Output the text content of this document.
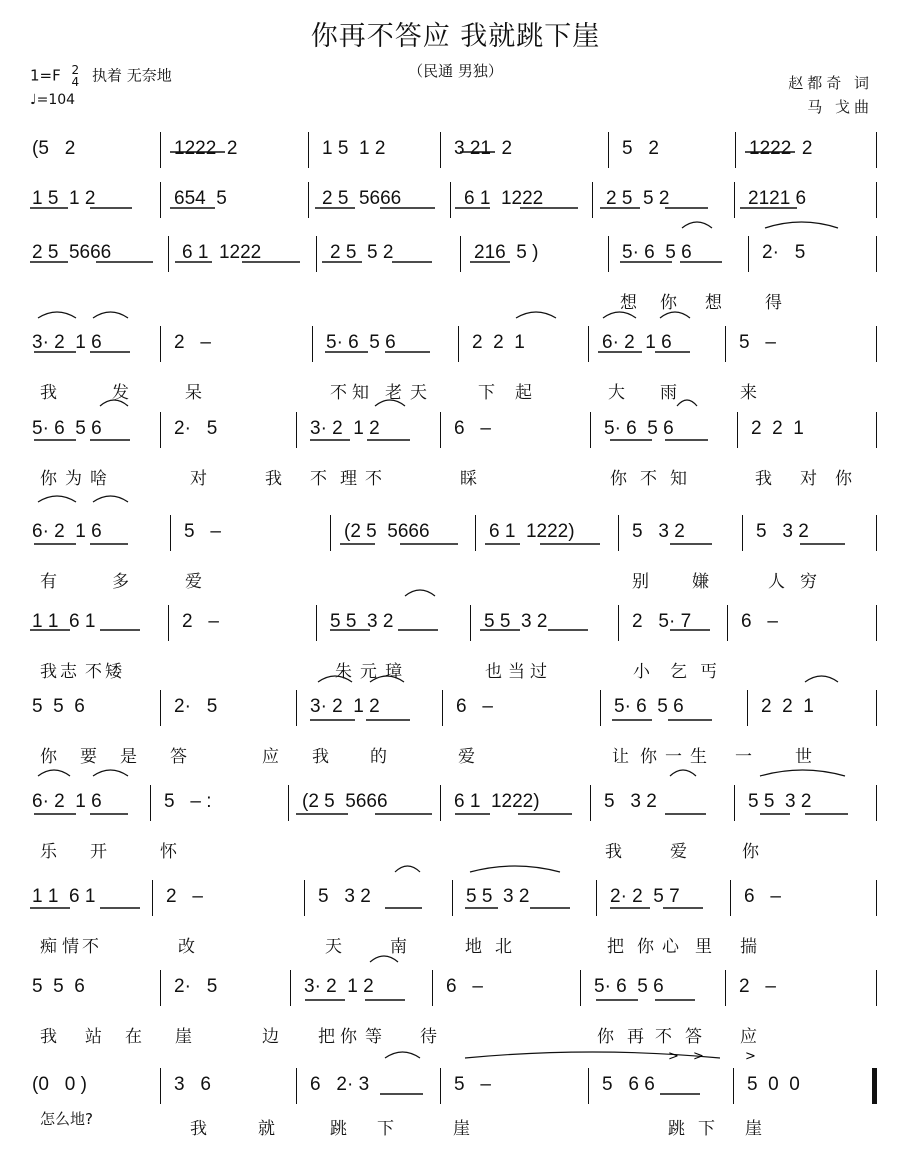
你再不答应 我就跳下崖
（民通 男独）
1=F 2
4 执着 无奈地
♩=104
赵都奇 词
马 戈曲
(5   2	1222  2	1 5  1 2	3 21  2	5   2	1222  2
1 5  1 2	654  5	2 5  5666	6 1  1222	2 5  5 2	2121 6
2 5  5666	6 1  1222	2 5  5 2	216  5 )	5· 6  5 6	2·   5
想 你 想	得
3· 2  1 6	2   –	5· 6  5 6	2  2  1	6· 2  1 6	5   –
我	发	呆	不 知 老 天	下 起	大 雨	来
5· 6  5 6	2·   5	3· 2  1 2	6   –	5· 6  5 6	2  2  1
你 为 啥	对	我 不 理 不	睬	你 不 知	我 对 你
6· 2  1 6	5   –	(2 5  5666	6 1  1222)	5   3 2	5   3 2
有	多	爱	别	嫌	人 穷
1 1  6 1	2   –	5 5  3 2	5 5  3 2	2   5· 7	6   –
我 志 不 矮	朱 元 璋	也 当 过	小 乞 丐
5  5  6	2·   5	3· 2  1 2	6   –	5· 6  5 6	2  2  1
你 要 是 答	应 我 的	爱	让 你 一 生 一	世
6· 2  1 6	5   – :	(2 5  5666	6 1  1222)	5   3 2	5 5  3 2
乐 开	怀	我	爱	你
1 1  6 1	2   –	5   3 2	5 5  3 2	2· 2  5 7	6   –
痴 情 不	改	天	南	地 北	把 你 心 里 揣
5  5  6	2·   5	3· 2  1 2	6   –	5· 6  5 6	2   –
我 站 在 崖	边 把 你 等 待	你 再 不 答 应
(0   0 )	3   6	6   2· 3	5   –	5   6 6	5  0  0
怎么地?	我	就	跳 下	崖	跳 下 崖
> >	>
